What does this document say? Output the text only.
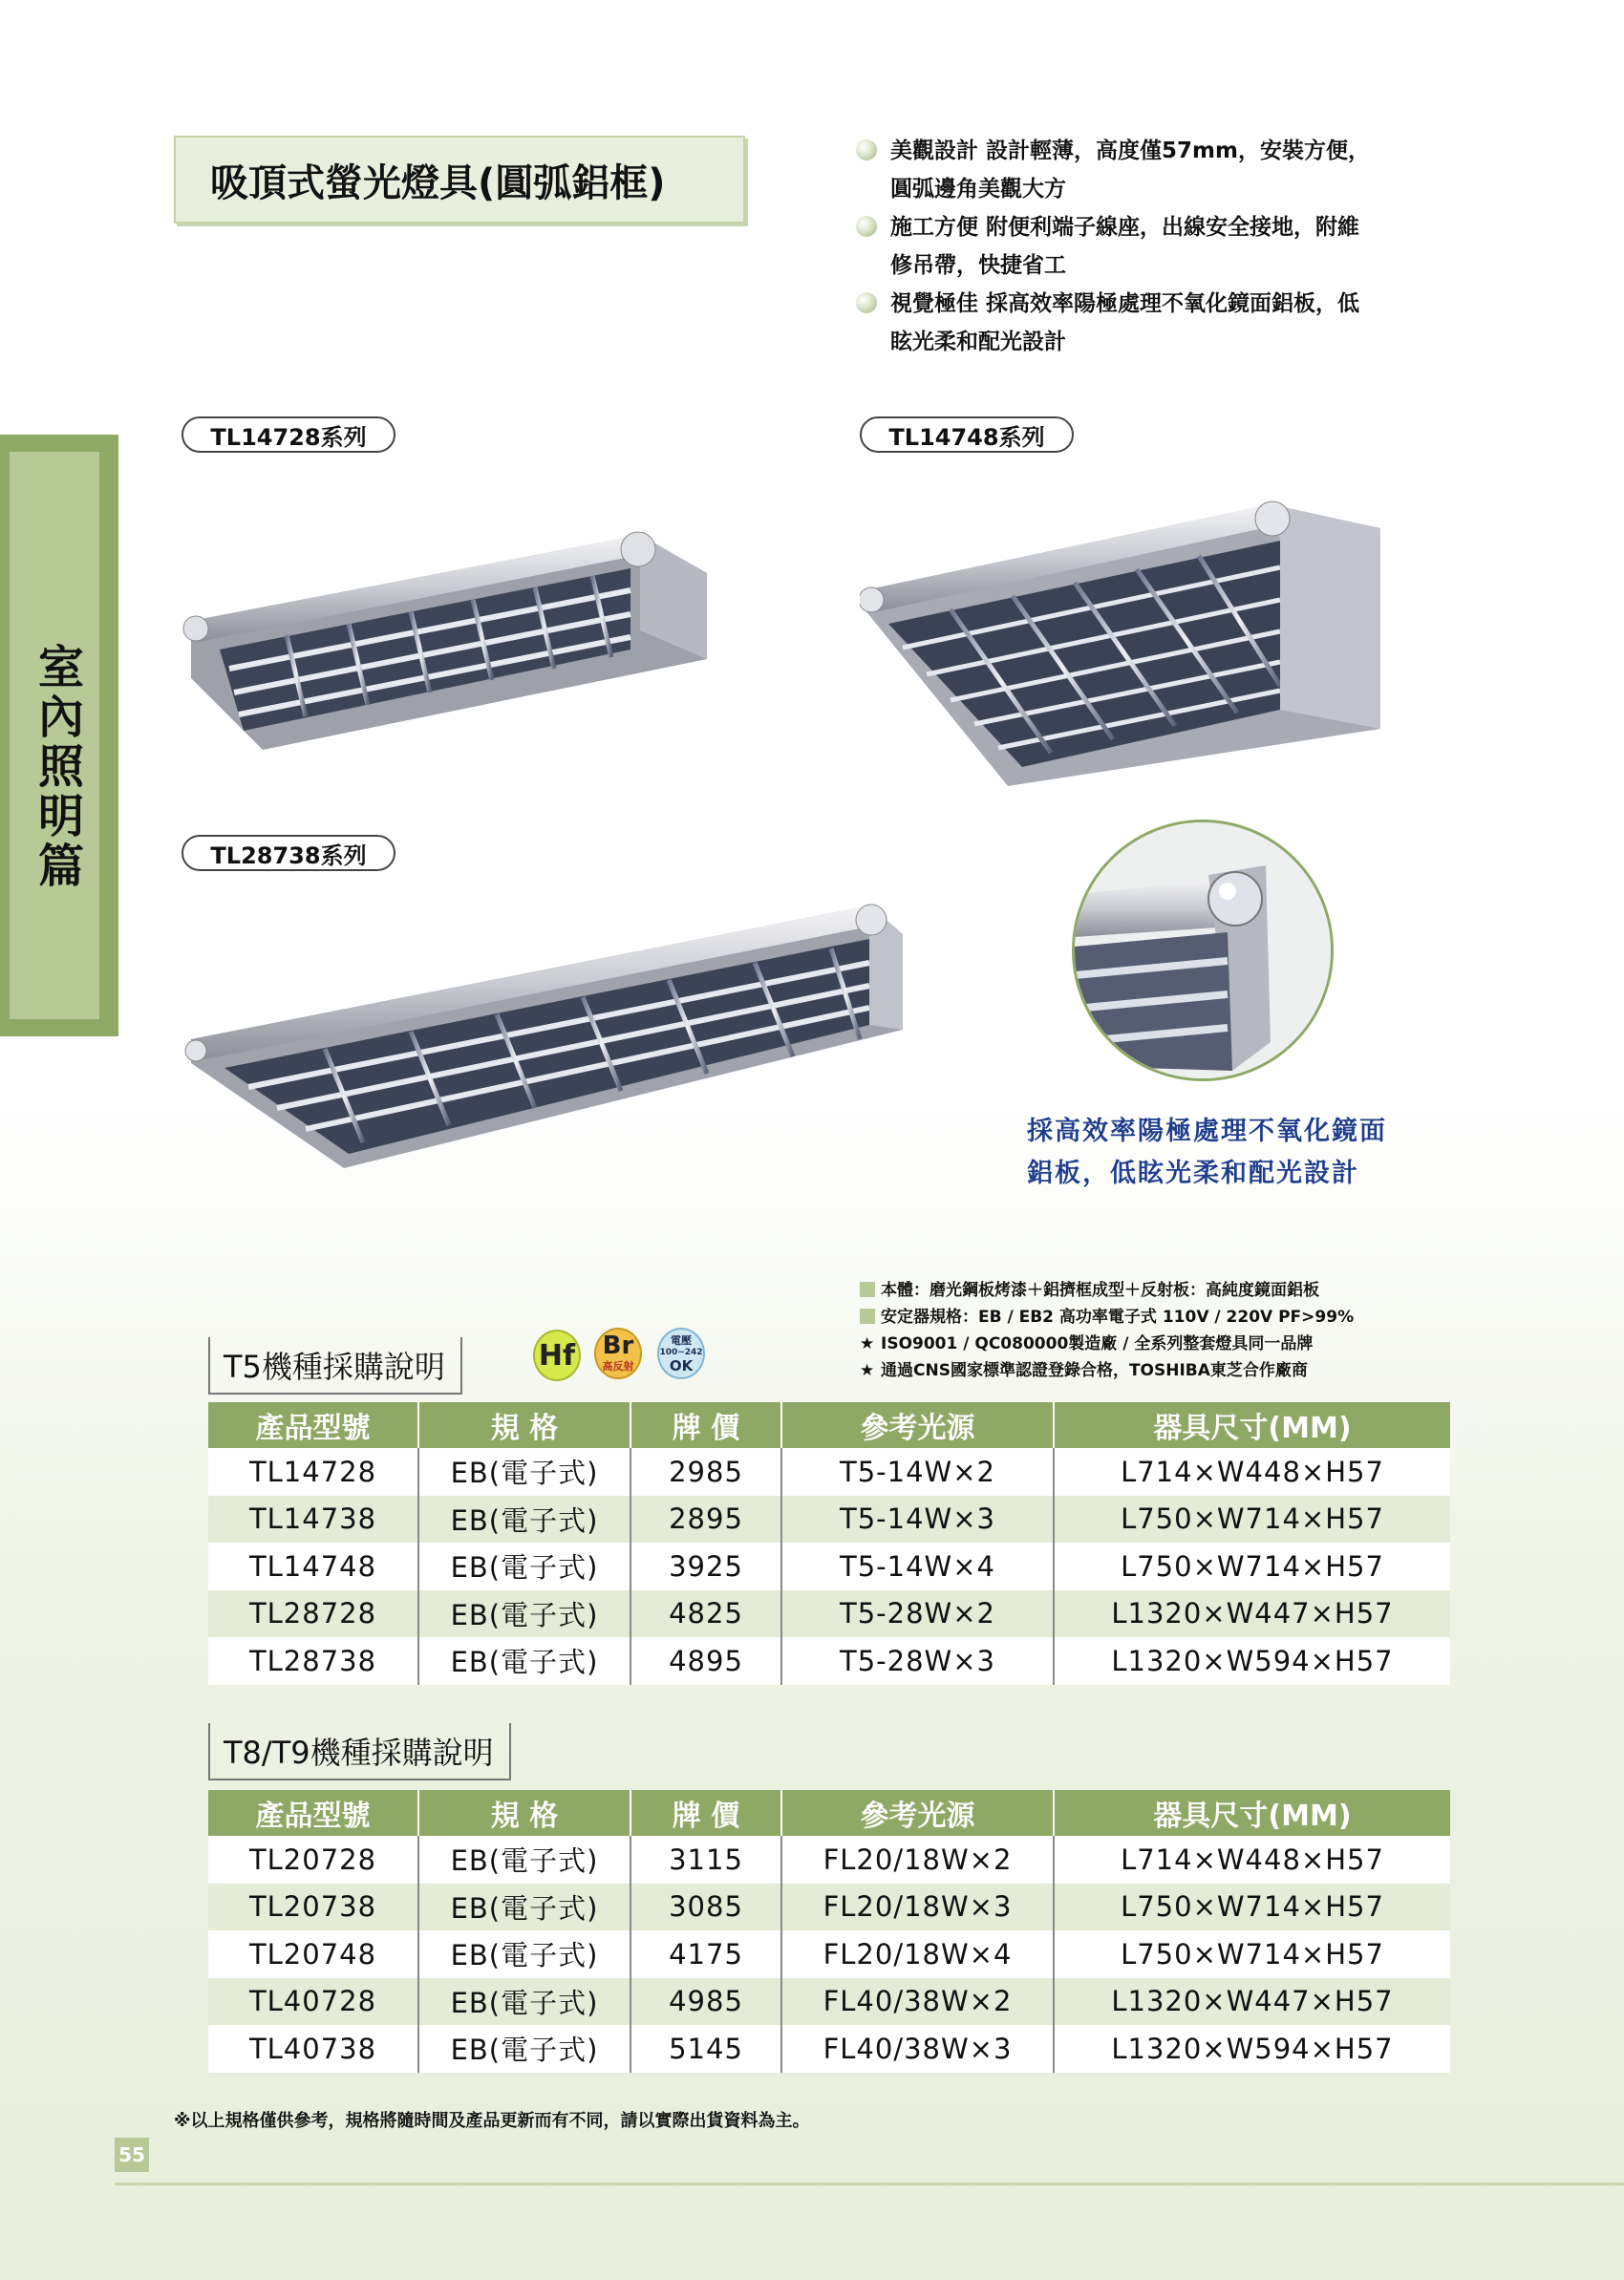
室內照明篇
吸頂式螢光燈具(圓弧鋁框)
美觀設計 設計輕薄，高度僅57mm，安裝方便，
圓弧邊角美觀大方
施工方便 附便利端子線座，出線安全接地，附維
修吊帶，快捷省工
視覺極佳 採高效率陽極處理不氧化鏡面鋁板，低
眩光柔和配光設計
TL14728系列	TL14748系列
TL28738系列
採高效率陽極處理不氧化鏡面
鋁板，低眩光柔和配光設計
本體：磨光鋼板烤漆＋鋁擠框成型＋反射板：高純度鏡面鋁板
安定器規格：EB / EB2 高功率電子式 110V / 220V PF>99%
★ ISO9001 / QC080000製造廠 / 全系列整套燈具同一品牌
★ 通過CNS國家標準認證登錄合格，TOSHIBA東芝合作廠商
T5機種採購說明	Hf Br
高反射
電壓
100~242
OK
產品型號	規 格	牌 價	參考光源	器具尺寸(MM)
TL14728	EB(電子式)	2985	T5-14W×2	L714×W448×H57
TL14738	EB(電子式)	2895	T5-14W×3	L750×W714×H57
TL14748	EB(電子式)	3925	T5-14W×4	L750×W714×H57
TL28728	EB(電子式)	4825	T5-28W×2	L1320×W447×H57
TL28738	EB(電子式)	4895	T5-28W×3	L1320×W594×H57
T8/T9機種採購說明
產品型號	規 格	牌 價	參考光源	器具尺寸(MM)
TL20728	EB(電子式)	3115	FL20/18W×2	L714×W448×H57
TL20738	EB(電子式)	3085	FL20/18W×3	L750×W714×H57
TL20748	EB(電子式)	4175	FL20/18W×4	L750×W714×H57
TL40728	EB(電子式)	4985	FL40/38W×2	L1320×W447×H57
TL40738	EB(電子式)	5145	FL40/38W×3	L1320×W594×H57
※以上規格僅供參考，規格將隨時間及產品更新而有不同，請以實際出貨資料為主。
55
